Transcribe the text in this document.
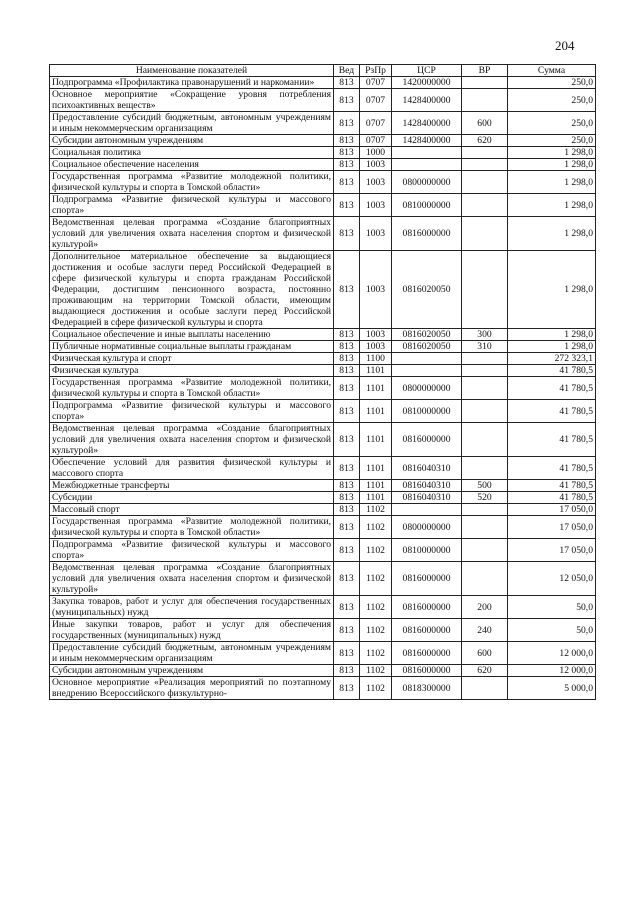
204
Наименование показателей	Вед	РзПр	ЦСР	ВР	Сумма
Подпрограмма «Профилактика правонарушений и наркомании»	813	0707	1420000000		250,0
Основное мероприятие «Сокращение уровня потребления психоактивных веществ»	813	0707	1428400000		250,0
Предоставление субсидий бюджетным, автономным учреждениям и иным некоммерческим организациям	813	0707	1428400000	600	250,0
Субсидии автономным учреждениям	813	0707	1428400000	620	250,0
Социальная политика	813	1000			1 298,0
Социальное обеспечение населения	813	1003			1 298,0
Государственная программа «Развитие молодежной политики, физической культуры и спорта в Томской области»	813	1003	0800000000		1 298,0
Подпрограмма «Развитие физической культуры и массового спорта»	813	1003	0810000000		1 298,0
Ведомственная целевая программа «Создание благоприятных условий для увеличения охвата населения спортом и физической культурой»	813	1003	0816000000		1 298,0
Дополнительное материальное обеспечение за выдающиеся достижения и особые заслуги перед Российской Федерацией в сфере физической культуры и спорта гражданам Российской Федерации, достигшим пенсионного возраста, постоянно проживающим на территории Томской области, имеющим выдающиеся достижения и особые заслуги перед Российской Федерацией в сфере физической культуры и спорта	813	1003	0816020050		1 298,0
Социальное обеспечение и иные выплаты населению	813	1003	0816020050	300	1 298,0
Публичные нормативные социальные выплаты гражданам	813	1003	0816020050	310	1 298,0
Физическая культура и спорт	813	1100			272 323,1
Физическая культура	813	1101			41 780,5
Государственная программа «Развитие молодежной политики, физической культуры и спорта в Томской области»	813	1101	0800000000		41 780,5
Подпрограмма «Развитие физической культуры и массового спорта»	813	1101	0810000000		41 780,5
Ведомственная целевая программа «Создание благоприятных условий для увеличения охвата населения спортом и физической культурой»	813	1101	0816000000		41 780,5
Обеспечение условий для развития физической культуры и массового спорта	813	1101	0816040310		41 780,5
Межбюджетные трансферты	813	1101	0816040310	500	41 780,5
Субсидии	813	1101	0816040310	520	41 780,5
Массовый спорт	813	1102			17 050,0
Государственная программа «Развитие молодежной политики, физической культуры и спорта в Томской области»	813	1102	0800000000		17 050,0
Подпрограмма «Развитие физической культуры и массового спорта»	813	1102	0810000000		17 050,0
Ведомственная целевая программа «Создание благоприятных условий для увеличения охвата населения спортом и физической культурой»	813	1102	0816000000		12 050,0
Закупка товаров, работ и услуг для обеспечения государственных (муниципальных) нужд	813	1102	0816000000	200	50,0
Иные закупки товаров, работ и услуг для обеспечения государственных (муниципальных) нужд	813	1102	0816000000	240	50,0
Предоставление субсидий бюджетным, автономным учреждениям и иным некоммерческим организациям	813	1102	0816000000	600	12 000,0
Субсидии автономным учреждениям	813	1102	0816000000	620	12 000,0
Основное мероприятие «Реализация мероприятий по поэтапному внедрению Всероссийского физкультурно-	813	1102	0818300000		5 000,0
